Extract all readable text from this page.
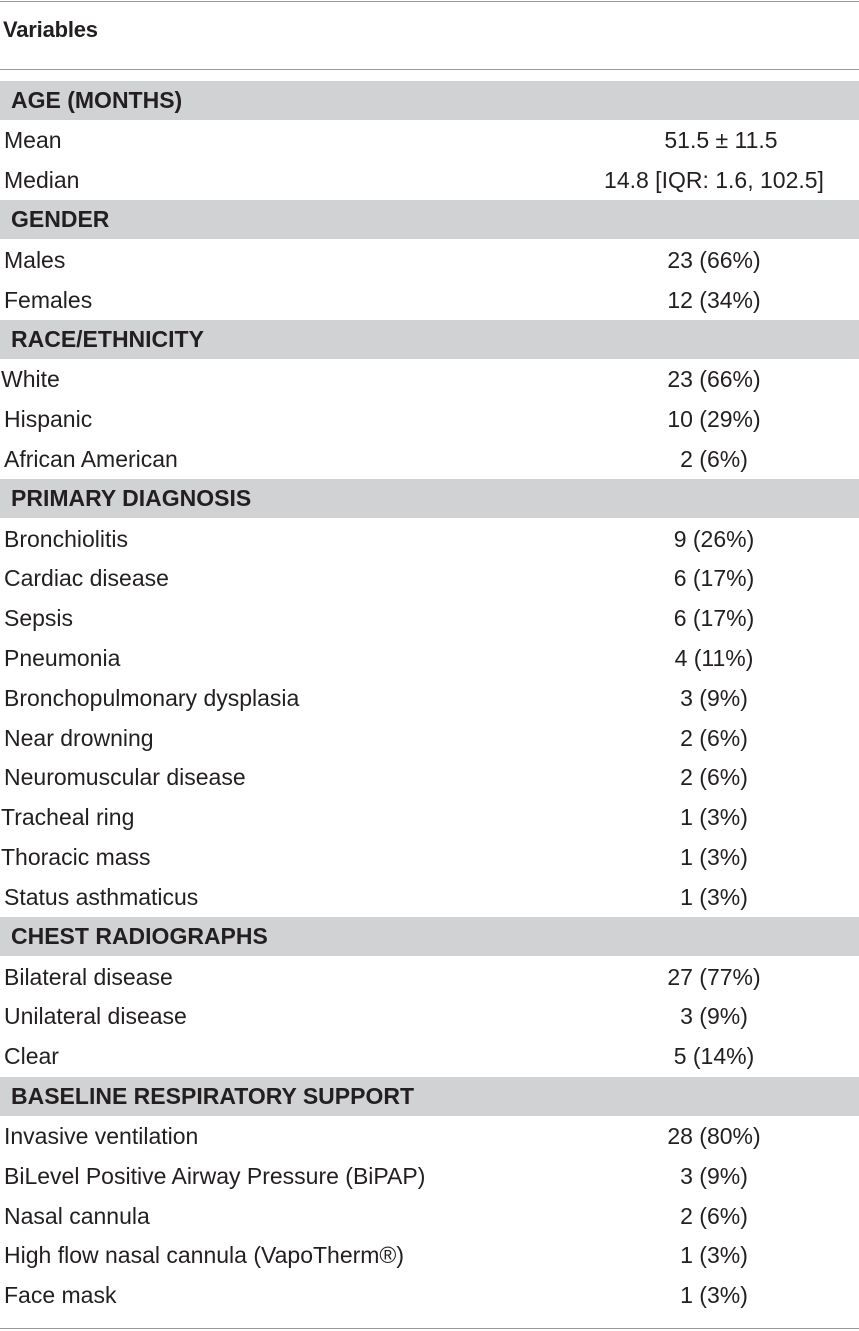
Variables
AGE (MONTHS)
Mean	51.5 ± 11.5
Median	14.8 [IQR: 1.6, 102.5]
GENDER
Males	23 (66%)
Females	12 (34%)
RACE/ETHNICITY
White	23 (66%)
Hispanic	10 (29%)
African American	2 (6%)
PRIMARY DIAGNOSIS
Bronchiolitis	9 (26%)
Cardiac disease	6 (17%)
Sepsis	6 (17%)
Pneumonia	4 (11%)
Bronchopulmonary dysplasia	3 (9%)
Near drowning	2 (6%)
Neuromuscular disease	2 (6%)
Tracheal ring	1 (3%)
Thoracic mass	1 (3%)
Status asthmaticus	1 (3%)
CHEST RADIOGRAPHS
Bilateral disease	27 (77%)
Unilateral disease	3 (9%)
Clear	5 (14%)
BASELINE RESPIRATORY SUPPORT
Invasive ventilation	28 (80%)
BiLevel Positive Airway Pressure (BiPAP)	3 (9%)
Nasal cannula	2 (6%)
High flow nasal cannula (VapoTherm®)	1 (3%)
Face mask	1 (3%)
